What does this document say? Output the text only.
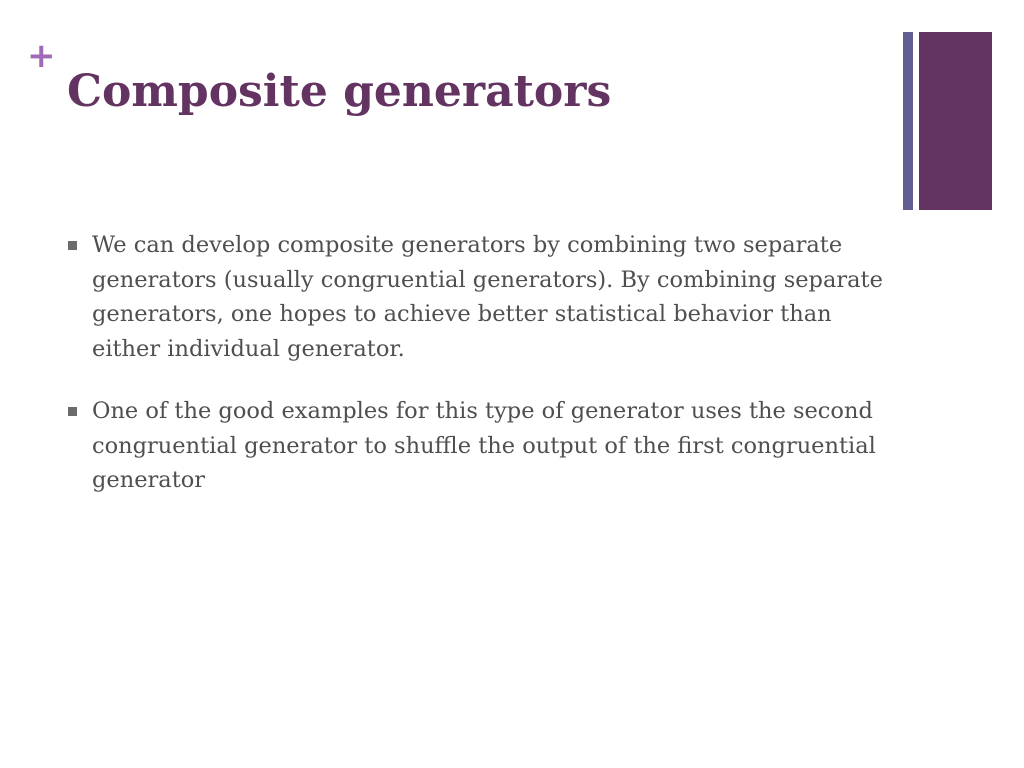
+
Composite generators
We can develop composite generators by combining two separate generators (usually congruential generators). By combining separate generators, one hopes to achieve better statistical behavior than either individual generator.
One of the good examples for this type of generator uses the second congruential generator to shuffle the output of the first congruential generator
